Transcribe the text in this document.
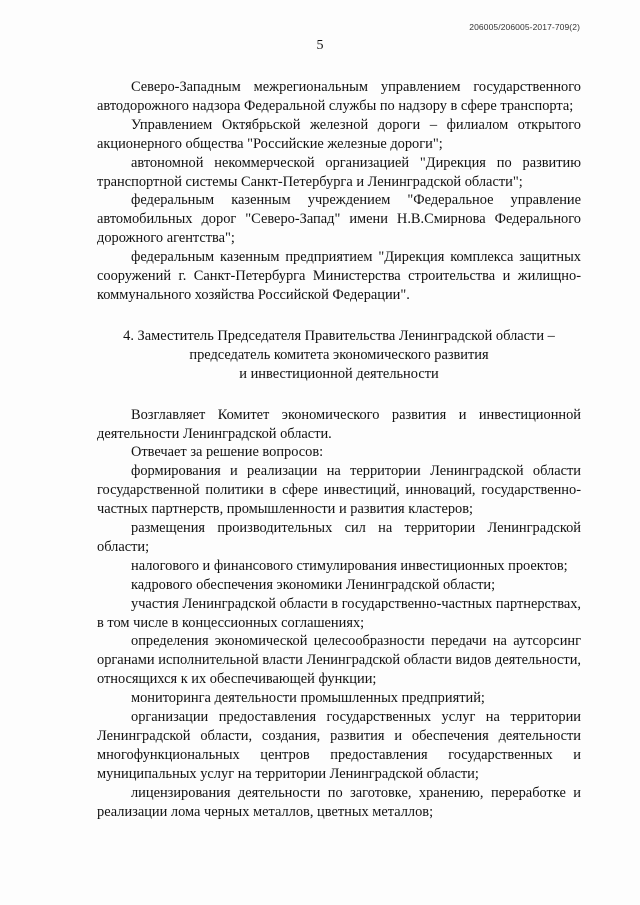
206005/206005-2017-709(2)
5

Северо-Западным межрегиональным управлением государственного автодорожного надзора Федеральной службы по надзору в сфере транспорта;

Управлением Октябрьской железной дороги – филиалом открытого акционерного общества "Российские железные дороги";

автономной некоммерческой организацией "Дирекция по развитию транспортной системы Санкт-Петербурга и Ленинградской области";

федеральным казенным учреждением "Федеральное управление автомобильных дорог "Северо-Запад" имени Н.В.Смирнова Федерального дорожного агентства";

федеральным казенным предприятием "Дирекция комплекса защитных сооружений г. Санкт-Петербурга Министерства строительства и жилищно-коммунального хозяйства Российской Федерации".

4. Заместитель Председателя Правительства Ленинградской области –
председатель комитета экономического развития
и инвестиционной деятельности

Возглавляет Комитет экономического развития и инвестиционной деятельности Ленинградской области.

Отвечает за решение вопросов:

формирования и реализации на территории Ленинградской области государственной политики в сфере инвестиций, инноваций, государственно-частных партнерств, промышленности и развития кластеров;

размещения производительных сил на территории Ленинградской области;

налогового и финансового стимулирования инвестиционных проектов;

кадрового обеспечения экономики Ленинградской области;

участия Ленинградской области в государственно-частных партнерствах, в том числе в концессионных соглашениях;

определения экономической целесообразности передачи на аутсорсинг органами исполнительной власти Ленинградской области видов деятельности, относящихся к их обеспечивающей функции;

мониторинга деятельности промышленных предприятий;

организации предоставления государственных услуг на территории Ленинградской области, создания, развития и обеспечения деятельности многофункциональных центров предоставления государственных и муниципальных услуг на территории Ленинградской области;

лицензирования деятельности по заготовке, хранению, переработке и реализации лома черных металлов, цветных металлов;
